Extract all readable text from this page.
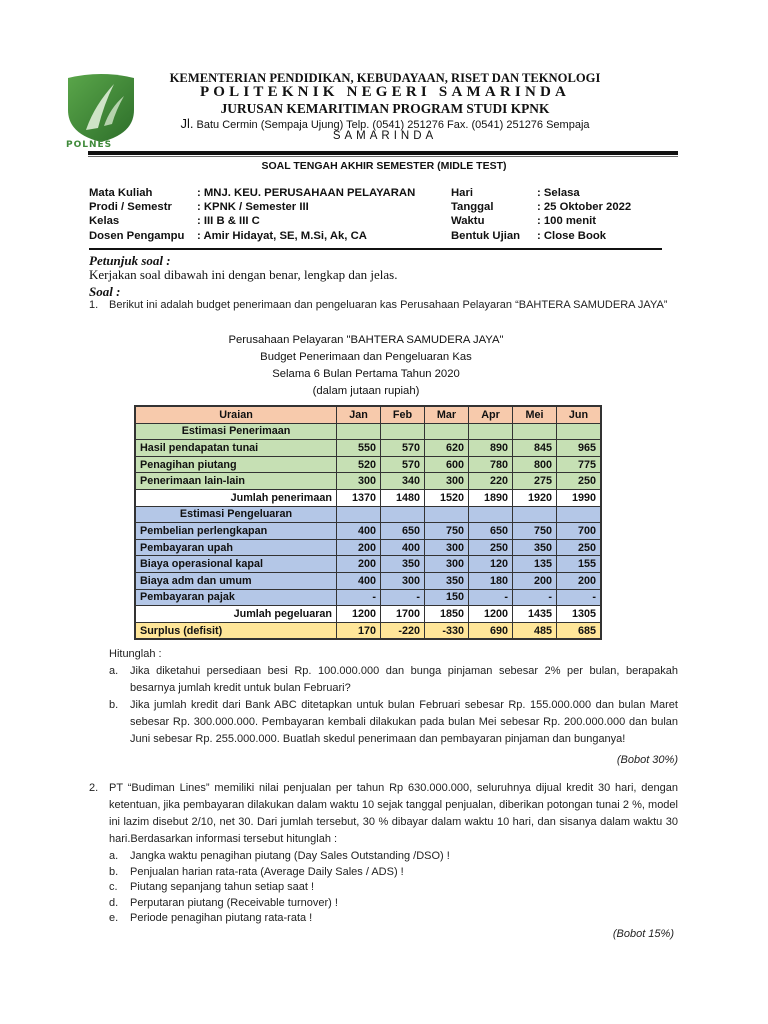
POLNES
KEMENTERIAN PENDIDIKAN, KEBUDAYAAN, RISET DAN TEKNOLOGI
POLITEKNIK NEGERI SAMARINDA
JURUSAN KEMARITIMAN PROGRAM STUDI KPNK
Jl. Batu Cermin (Sempaja Ujung) Telp. (0541) 251276 Fax. (0541) 251276 Sempaja
SAMARINDA
SOAL TENGAH AKHIR SEMESTER (MIDLE TEST)
Mata Kuliah	: MNJ. KEU. PERUSAHAAN PELAYARAN
Prodi / Semestr	: KPNK / Semester III
Kelas	: III B & III C
Dosen Pengampu	: Amir Hidayat, SE, M.Si, Ak, CA
Hari	: Selasa
Tanggal	: 25 Oktober 2022
Waktu	: 100 menit
Bentuk Ujian	: Close Book
Petunjuk soal :
Kerjakan soal dibawah ini dengan benar, lengkap dan jelas.
Soal :
1. Berikut ini adalah budget penerimaan dan pengeluaran kas Perusahaan Pelayaran “BAHTERA SAMUDERA JAYA”
Perusahaan Pelayaran "BAHTERA SAMUDERA JAYA"
Budget Penerimaan dan Pengeluaran Kas
Selama 6 Bulan Pertama Tahun 2020
(dalam jutaan rupiah)
Uraian	Jan	Feb	Mar	Apr	Mei	Jun
Estimasi Penerimaan						
Hasil pendapatan tunai	550	570	620	890	845	965
Penagihan piutang	520	570	600	780	800	775
Penerimaan lain-lain	300	340	300	220	275	250
Jumlah penerimaan	1370	1480	1520	1890	1920	1990
Estimasi Pengeluaran						
Pembelian perlengkapan	400	650	750	650	750	700
Pembayaran upah	200	400	300	250	350	250
Biaya operasional kapal	200	350	300	120	135	155
Biaya adm dan umum	400	300	350	180	200	200
Pembayaran pajak	-	-	150	-	-	-
Jumlah pegeluaran	1200	1700	1850	1200	1435	1305
Surplus (defisit)	170	-220	-330	690	485	685
Hitunglah :
a. Jika diketahui persediaan besi Rp. 100.000.000 dan bunga pinjaman sebesar 2% per bulan, berapakah besarnya jumlah kredit untuk bulan Februari?
b. Jika jumlah kredit dari Bank ABC ditetapkan untuk bulan Februari sebesar Rp. 155.000.000 dan bulan Maret sebesar Rp. 300.000.000. Pembayaran kembali dilakukan pada bulan Mei sebesar Rp. 200.000.000 dan bulan Juni sebesar Rp. 255.000.000. Buatlah skedul penerimaan dan pembayaran pinjaman dan bunganya!
(Bobot 30%)
2. PT “Budiman Lines” memiliki nilai penjualan per tahun Rp 630.000.000, seluruhnya dijual kredit 30 hari, dengan ketentuan, jika pembayaran dilakukan dalam waktu 10 sejak tanggal penjualan, diberikan potongan tunai 2 %, model ini lazim disebut 2/10, net 30. Dari jumlah tersebut, 30 % dibayar dalam waktu 10 hari, dan sisanya dalam waktu 30 hari.Berdasarkan informasi tersebut hitunglah :
a. Jangka waktu penagihan piutang (Day Sales Outstanding /DSO) !
b. Penjualan harian rata-rata (Average Daily Sales / ADS) !
c. Piutang sepanjang tahun setiap saat !
d. Perputaran piutang (Receivable turnover) !
e. Periode penagihan piutang rata-rata !
(Bobot 15%)
